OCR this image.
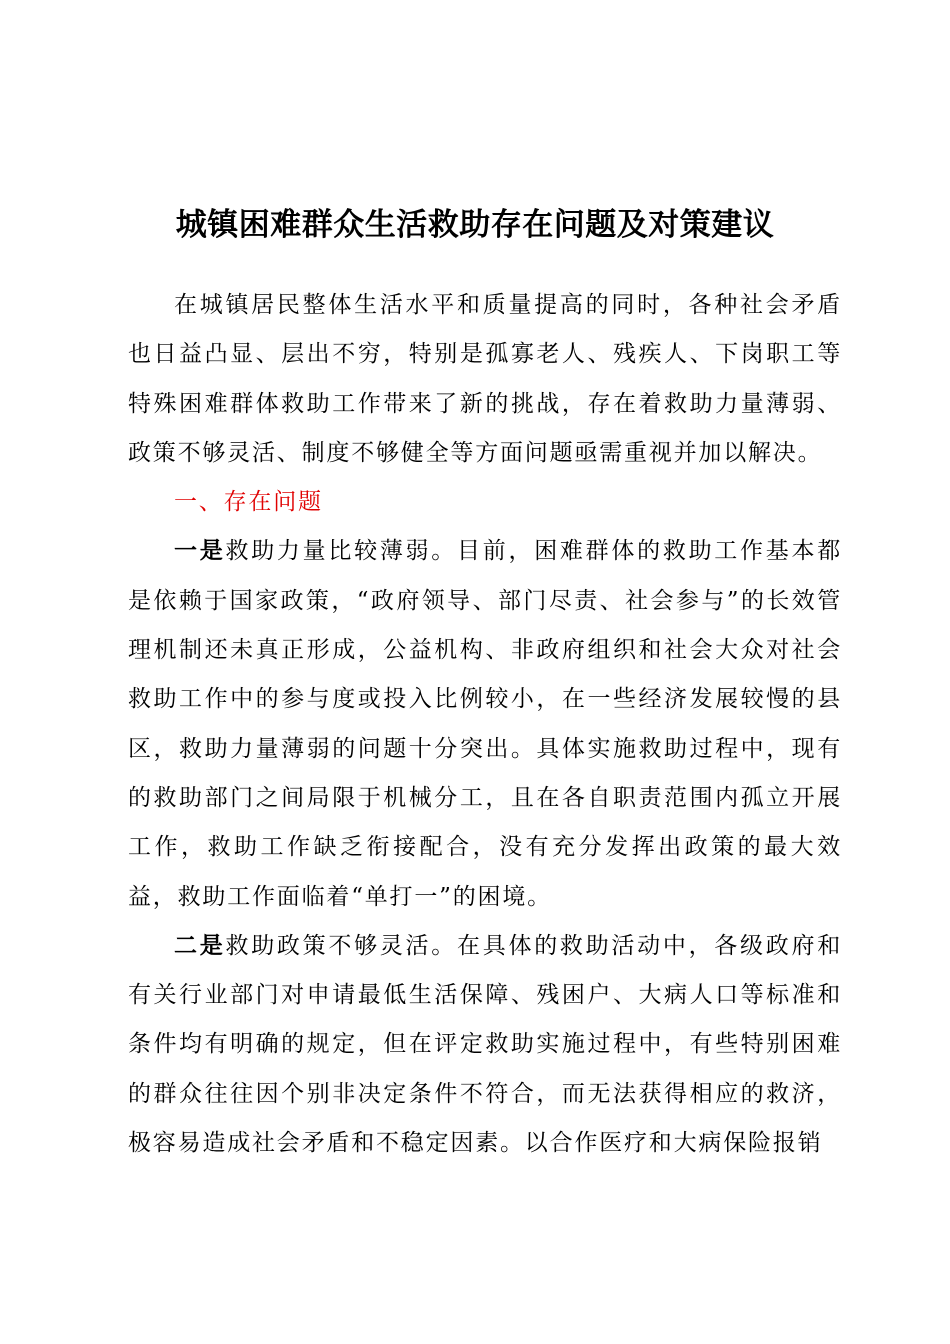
城镇困难群众生活救助存在问题及对策建议

在城镇居民整体生活水平和质量提高的同时，各种社会矛盾也日益凸显、层出不穷，特别是孤寡老人、残疾人、下岗职工等特殊困难群体救助工作带来了新的挑战，存在着救助力量薄弱、政策不够灵活、制度不够健全等方面问题亟需重视并加以解决。

一、存在问题

一是救助力量比较薄弱。目前，困难群体的救助工作基本都是依赖于国家政策，“政府领导、部门尽责、社会参与”的长效管理机制还未真正形成，公益机构、非政府组织和社会大众对社会救助工作中的参与度或投入比例较小，在一些经济发展较慢的县区，救助力量薄弱的问题十分突出。具体实施救助过程中，现有的救助部门之间局限于机械分工，且在各自职责范围内孤立开展工作，救助工作缺乏衔接配合，没有充分发挥出政策的最大效益，救助工作面临着“单打一”的困境。

二是救助政策不够灵活。在具体的救助活动中，各级政府和有关行业部门对申请最低生活保障、残困户、大病人口等标准和条件均有明确的规定，但在评定救助实施过程中，有些特别困难的群众往往因个别非决定条件不符合，而无法获得相应的救济，极容易造成社会矛盾和不稳定因素。以合作医疗和大病保险报销
